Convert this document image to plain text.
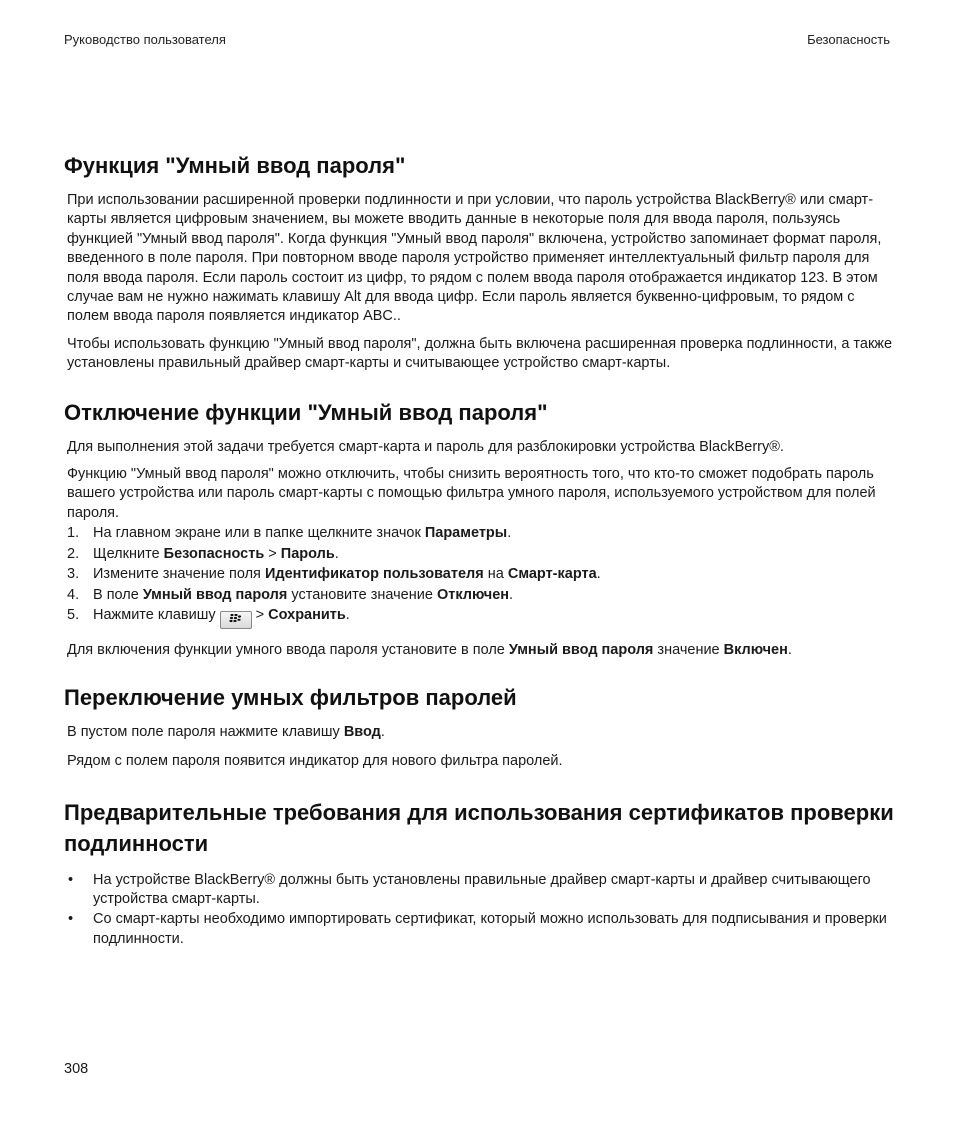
Руководство пользователя	Безопасность
Функция "Умный ввод пароля"

При использовании расширенной проверки подлинности и при условии, что пароль устройства BlackBerry® или смарт-карты является цифровым значением, вы можете вводить данные в некоторые поля для ввода пароля, пользуясь функцией "Умный ввод пароля". Когда функция "Умный ввод пароля" включена, устройство запоминает формат пароля, введенного в поле пароля. При повторном вводе пароля устройство применяет интеллектуальный фильтр пароля для поля ввода пароля. Если пароль состоит из цифр, то рядом с полем ввода пароля отображается индикатор 123. В этом случае вам не нужно нажимать клавишу Alt для ввода цифр. Если пароль является буквенно-цифровым, то рядом с полем ввода пароля появляется индикатор ABC..

Чтобы использовать функцию "Умный ввод пароля", должна быть включена расширенная проверка подлинности, а также установлены правильный драйвер смарт-карты и считывающее устройство смарт-карты.

Отключение функции "Умный ввод пароля"

Для выполнения этой задачи требуется смарт-карта и пароль для разблокировки устройства BlackBerry®.

Функцию "Умный ввод пароля" можно отключить, чтобы снизить вероятность того, что кто-то сможет подобрать пароль вашего устройства или пароль смарт-карты с помощью фильтра умного пароля, используемого устройством для полей пароля.

1. На главном экране или в папке щелкните значок Параметры.
2. Щелкните Безопасность > Пароль.
3. Измените значение поля Идентификатор пользователя на Смарт-карта.
4. В поле Умный ввод пароля установите значение Отключен.
5. Нажмите клавишу  > Сохранить.

Для включения функции умного ввода пароля установите в поле Умный ввод пароля значение Включен.

Переключение умных фильтров паролей

В пустом поле пароля нажмите клавишу Ввод.

Рядом с полем пароля появится индикатор для нового фильтра паролей.

Предварительные требования для использования сертификатов проверки подлинности
• На устройстве BlackBerry® должны быть установлены правильные драйвер смарт-карты и драйвер считывающего устройства смарт-карты.
• Со смарт-карты необходимо импортировать сертификат, который можно использовать для подписывания и проверки подлинности.
308
